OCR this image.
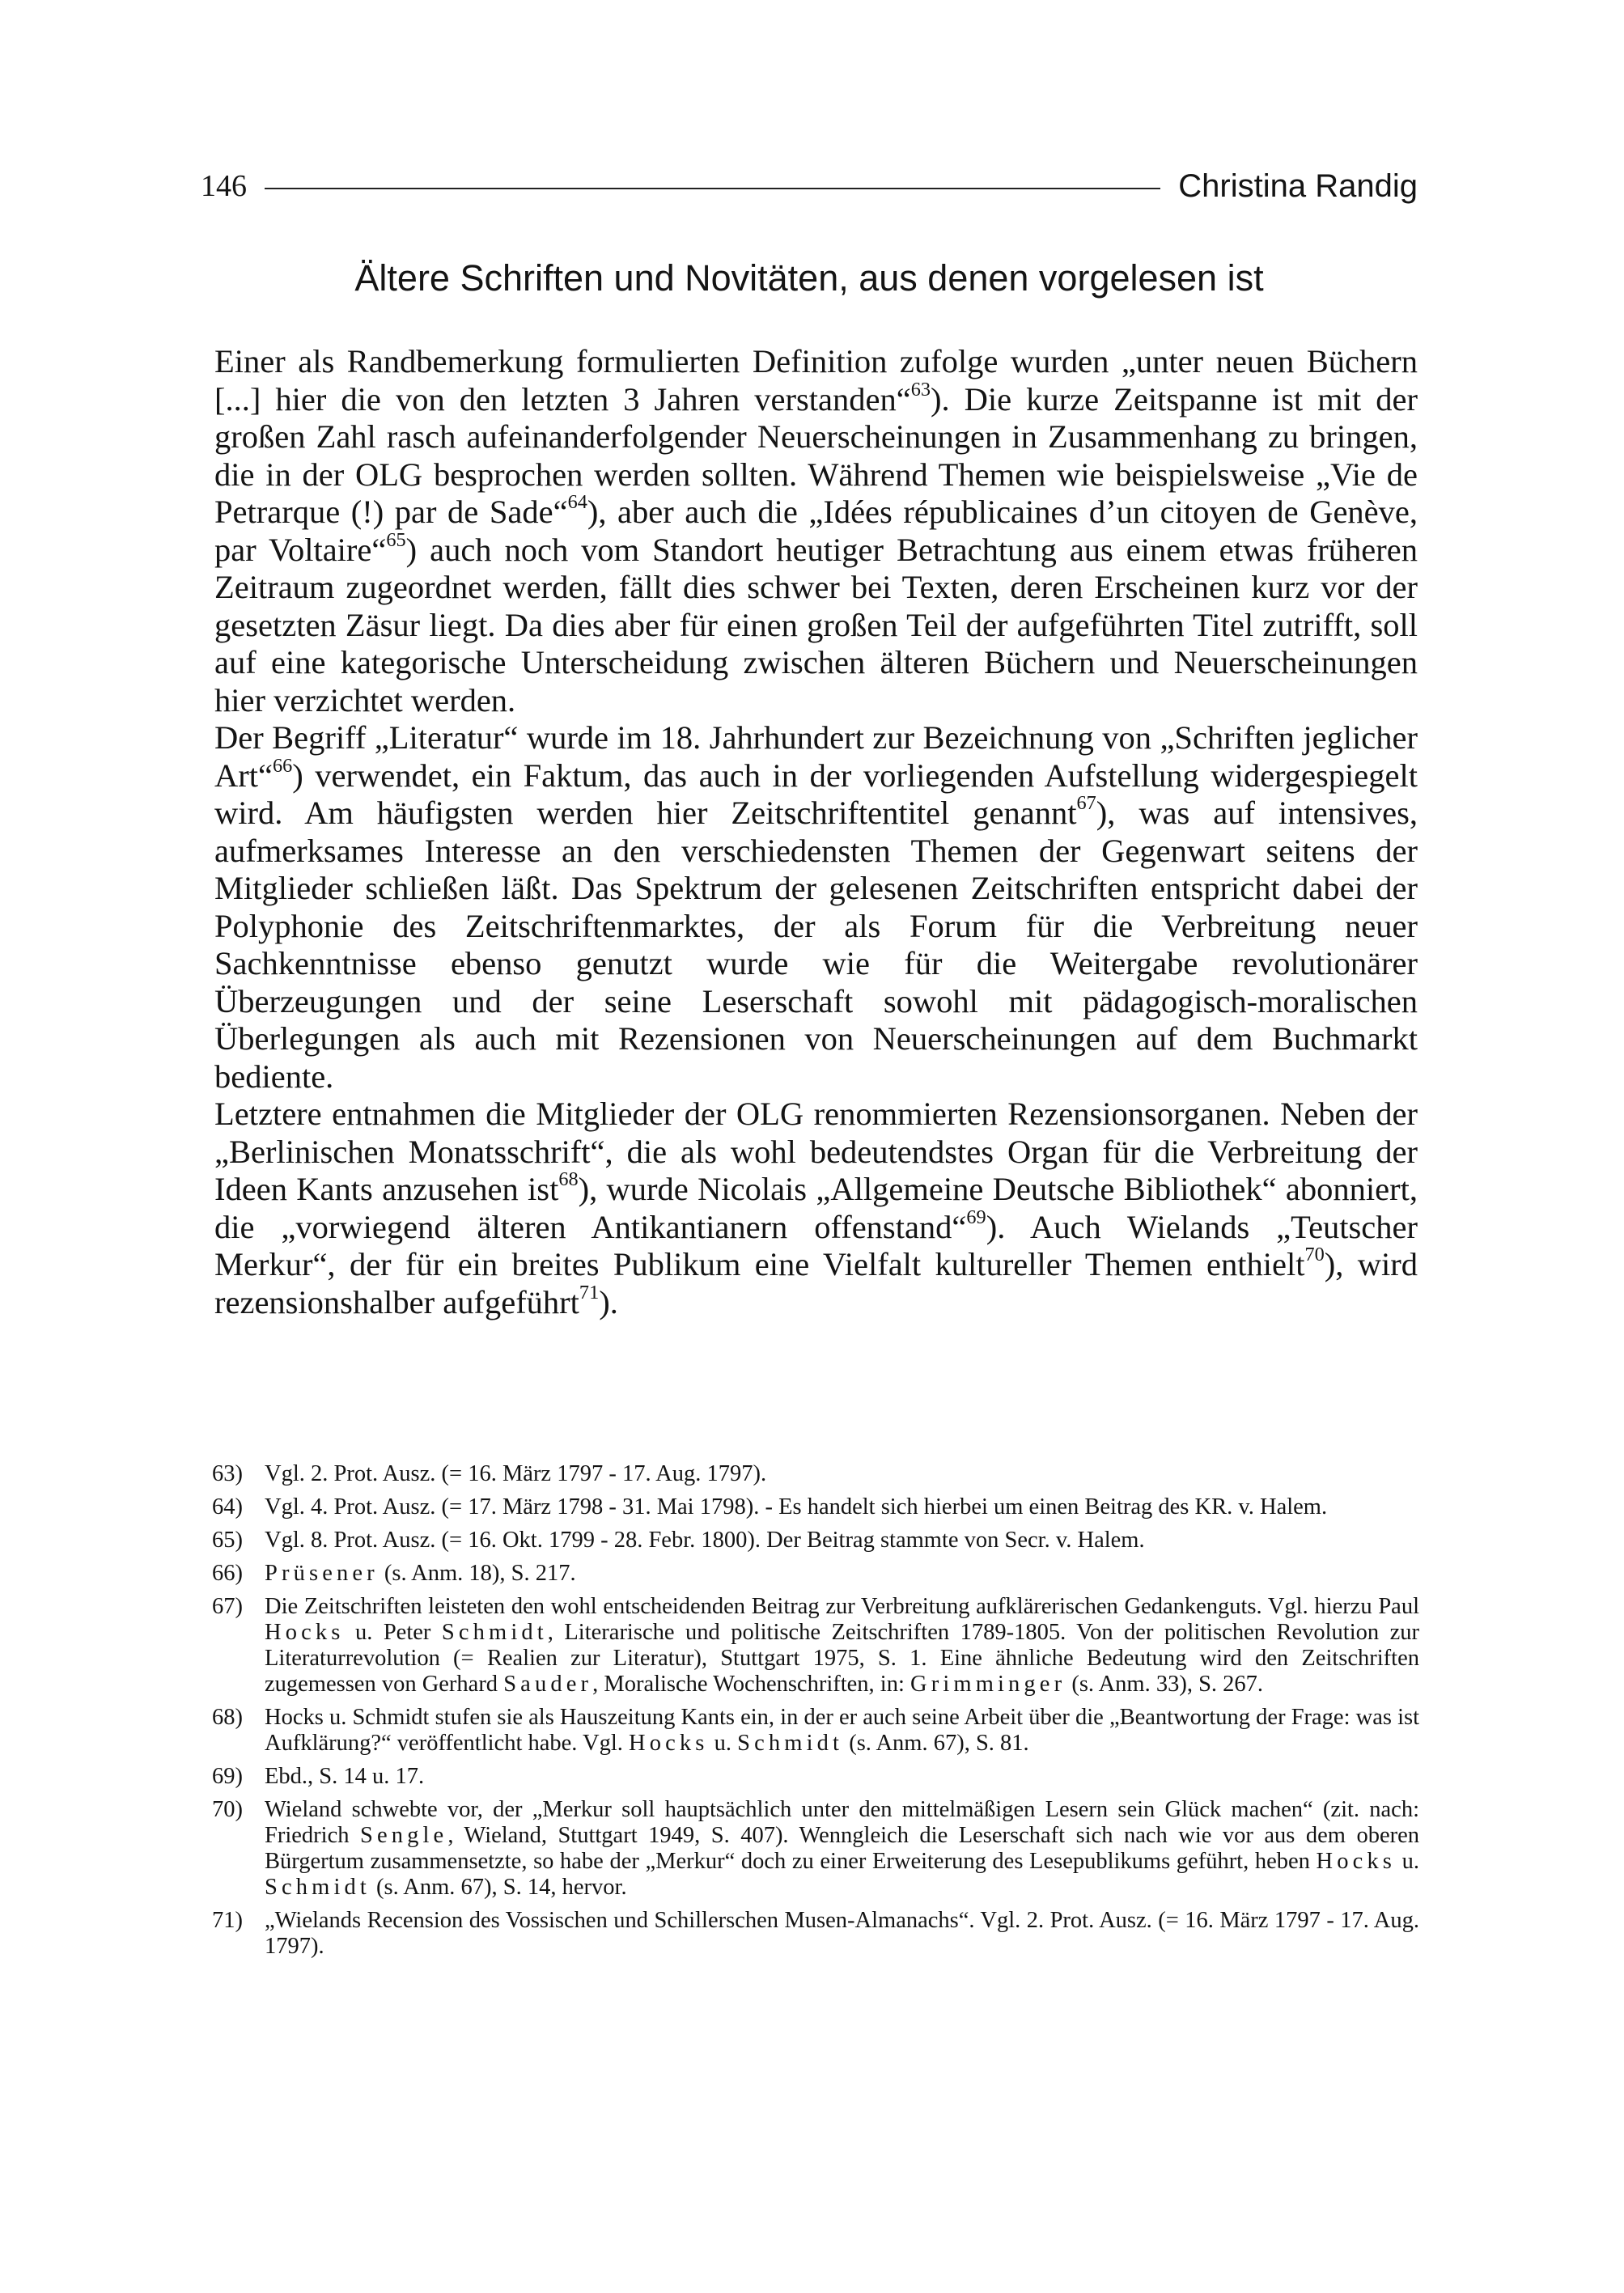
146	Christina Randig
Ältere Schriften und Novitäten, aus denen vorgelesen ist

Einer als Randbemerkung formulierten Definition zufolge wurden „unter neuen Büchern [...] hier die von den letzten 3 Jahren verstanden“$^{63}$). Die kurze Zeitspanne ist mit der großen Zahl rasch aufeinanderfolgender Neuerscheinungen in Zusammenhang zu bringen, die in der OLG besprochen werden sollten. Während Themen wie beispielsweise „Vie de Petrarque (!) par de Sade“$^{64}$), aber auch die „Idées républicaines d’un citoyen de Genève, par Voltaire“$^{65}$) auch noch vom Standort heutiger Betrachtung aus einem etwas früheren Zeitraum zugeordnet werden, fällt dies schwer bei Texten, deren Erscheinen kurz vor der gesetzten Zäsur liegt. Da dies aber für einen großen Teil der aufgeführten Titel zutrifft, soll auf eine kategorische Unterscheidung zwischen älteren Büchern und Neuerscheinungen hier verzichtet werden.

Der Begriff „Literatur“ wurde im 18. Jahrhundert zur Bezeichnung von „Schriften jeglicher Art“$^{66}$) verwendet, ein Faktum, das auch in der vorliegenden Aufstellung widergespiegelt wird. Am häufigsten werden hier Zeitschriftentitel genannt$^{67}$), was auf intensives, aufmerksames Interesse an den verschiedensten Themen der Gegenwart seitens der Mitglieder schließen läßt. Das Spektrum der gelesenen Zeitschriften entspricht dabei der Polyphonie des Zeitschriftenmarktes, der als Forum für die Verbreitung neuer Sachkenntnisse ebenso genutzt wurde wie für die Weitergabe revolutionärer Überzeugungen und der seine Leserschaft sowohl mit pädagogisch-moralischen Überlegungen als auch mit Rezensionen von Neuerscheinungen auf dem Buchmarkt bediente.

Letztere entnahmen die Mitglieder der OLG renommierten Rezensionsorganen. Neben der „Berlinischen Monatsschrift“, die als wohl bedeutendstes Organ für die Verbreitung der Ideen Kants anzusehen ist$^{68}$), wurde Nicolais „Allgemeine Deutsche Bibliothek“ abonniert, die „vorwiegend älteren Antikantianern offenstand“$^{69}$). Auch Wielands „Teutscher Merkur“, der für ein breites Publikum eine Vielfalt kultureller Themen enthielt$^{70}$), wird rezensionshalber aufgeführt$^{71}$).

63) Vgl. 2. Prot. Ausz. (= 16. März 1797 - 17. Aug. 1797).
64) Vgl. 4. Prot. Ausz. (= 17. März 1798 - 31. Mai 1798). - Es handelt sich hierbei um einen Beitrag des KR. v. Halem.
65) Vgl. 8. Prot. Ausz. (= 16. Okt. 1799 - 28. Febr. 1800). Der Beitrag stammte von Secr. v. Halem.
66) Prüsener (s. Anm. 18), S. 217.
67) Die Zeitschriften leisteten den wohl entscheidenden Beitrag zur Verbreitung aufklärerischen Gedankenguts. Vgl. hierzu Paul Hocks u. Peter Schmidt, Literarische und politische Zeitschriften 1789-1805. Von der politischen Revolution zur Literaturrevolution (= Realien zur Literatur), Stuttgart 1975, S. 1. Eine ähnliche Bedeutung wird den Zeitschriften zugemessen von Gerhard Sauder, Moralische Wochenschriften, in: Grimminger (s. Anm. 33), S. 267.
68) Hocks u. Schmidt stufen sie als Hauszeitung Kants ein, in der er auch seine Arbeit über die „Beantwortung der Frage: was ist Aufklärung?“ veröffentlicht habe. Vgl. Hocks u. Schmidt (s. Anm. 67), S. 81.
69) Ebd., S. 14 u. 17.
70) Wieland schwebte vor, der „Merkur soll hauptsächlich unter den mittelmäßigen Lesern sein Glück machen“ (zit. nach: Friedrich Sengle, Wieland, Stuttgart 1949, S. 407). Wenngleich die Leserschaft sich nach wie vor aus dem oberen Bürgertum zusammensetzte, so habe der „Merkur“ doch zu einer Erweiterung des Lesepublikums geführt, heben Hocks u. Schmidt (s. Anm. 67), S. 14, hervor.
71) „Wielands Recension des Vossischen und Schillerschen Musen-Almanachs“. Vgl. 2. Prot. Ausz. (= 16. März 1797 - 17. Aug. 1797).
